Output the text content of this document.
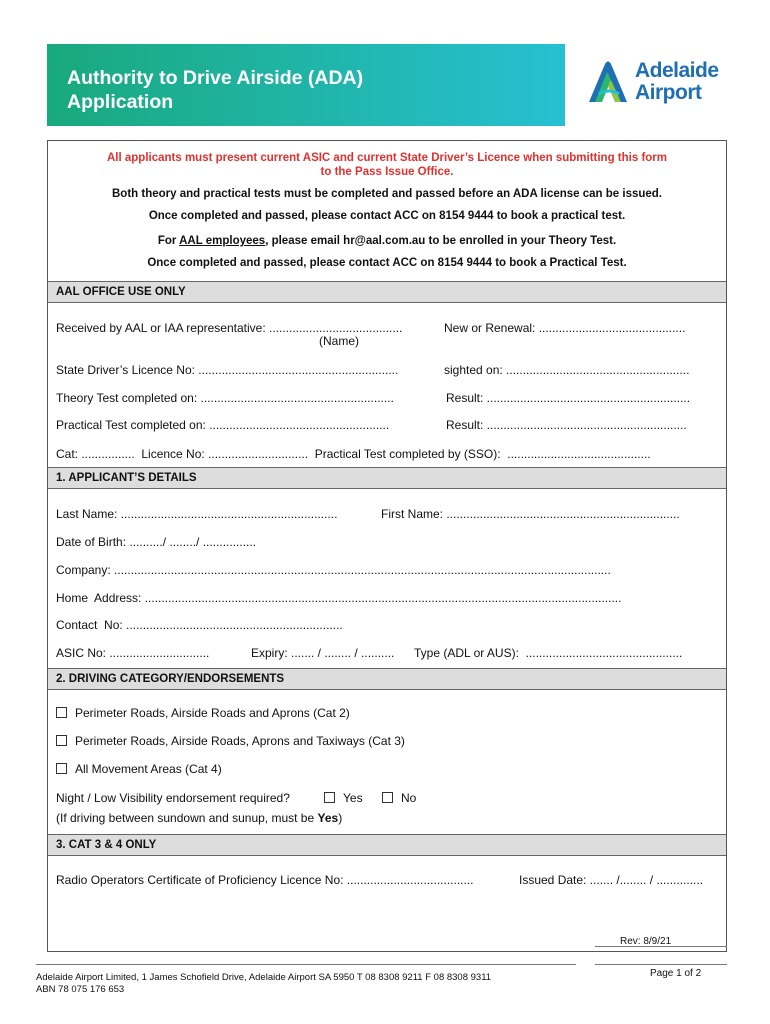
Authority to Drive Airside (ADA)
Application
Adelaide
Airport

All applicants must present current ASIC and current State Driver’s Licence when submitting this form

to the Pass Issue Office.

Both theory and practical tests must be completed and passed before an ADA license can be issued.

Once completed and passed, please contact ACC on 8154 9444 to book a practical test.

For AAL employees, please email hr@aal.com.au to be enrolled in your Theory Test.

Once completed and passed, please contact ACC on 8154 9444 to book a Practical Test.

AAL OFFICE USE ONLY
Received by AAL or IAA representative: ........................................	New or Renewal: ............................................
(Name)
State Driver’s Licence No: ............................................................	sighted on: .......................................................
Theory Test completed on: ..........................................................	Result: .............................................................
Practical Test completed on: ......................................................	Result: ............................................................
Cat: ................  Licence No: ..............................  Practical Test completed by (SSO):  ...........................................
1. APPLICANT’S DETAILS
Last Name: .................................................................	First Name: ......................................................................
Date of Birth: ........../ ......../ ................
Company: .....................................................................................................................................................
Home  Address: ...............................................................................................................................................
Contact  No: .................................................................
ASIC No: ..............................	Expiry: ....... / ........ / .......... Type (ADL or AUS):  ...............................................
2. DRIVING CATEGORY/ENDORSEMENTS
Perimeter Roads, Airside Roads and Aprons (Cat 2)
Perimeter Roads, Airside Roads, Aprons and Taxiways (Cat 3)
All Movement Areas (Cat 4)
Night / Low Visibility endorsement required?	Yes	No
(If driving between sundown and sunup, must be Yes)
3. CAT 3 & 4 ONLY
Radio Operators Certificate of Proficiency Licence No: ......................................	Issued Date: ....... /........ / ..............
Rev: 8/9/21
Adelaide Airport Limited, 1 James Schofield Drive, Adelaide Airport SA 5950 T 08 8308 9211 F 08 8308 9311
ABN 78 075 176 653
Page 1 of 2
